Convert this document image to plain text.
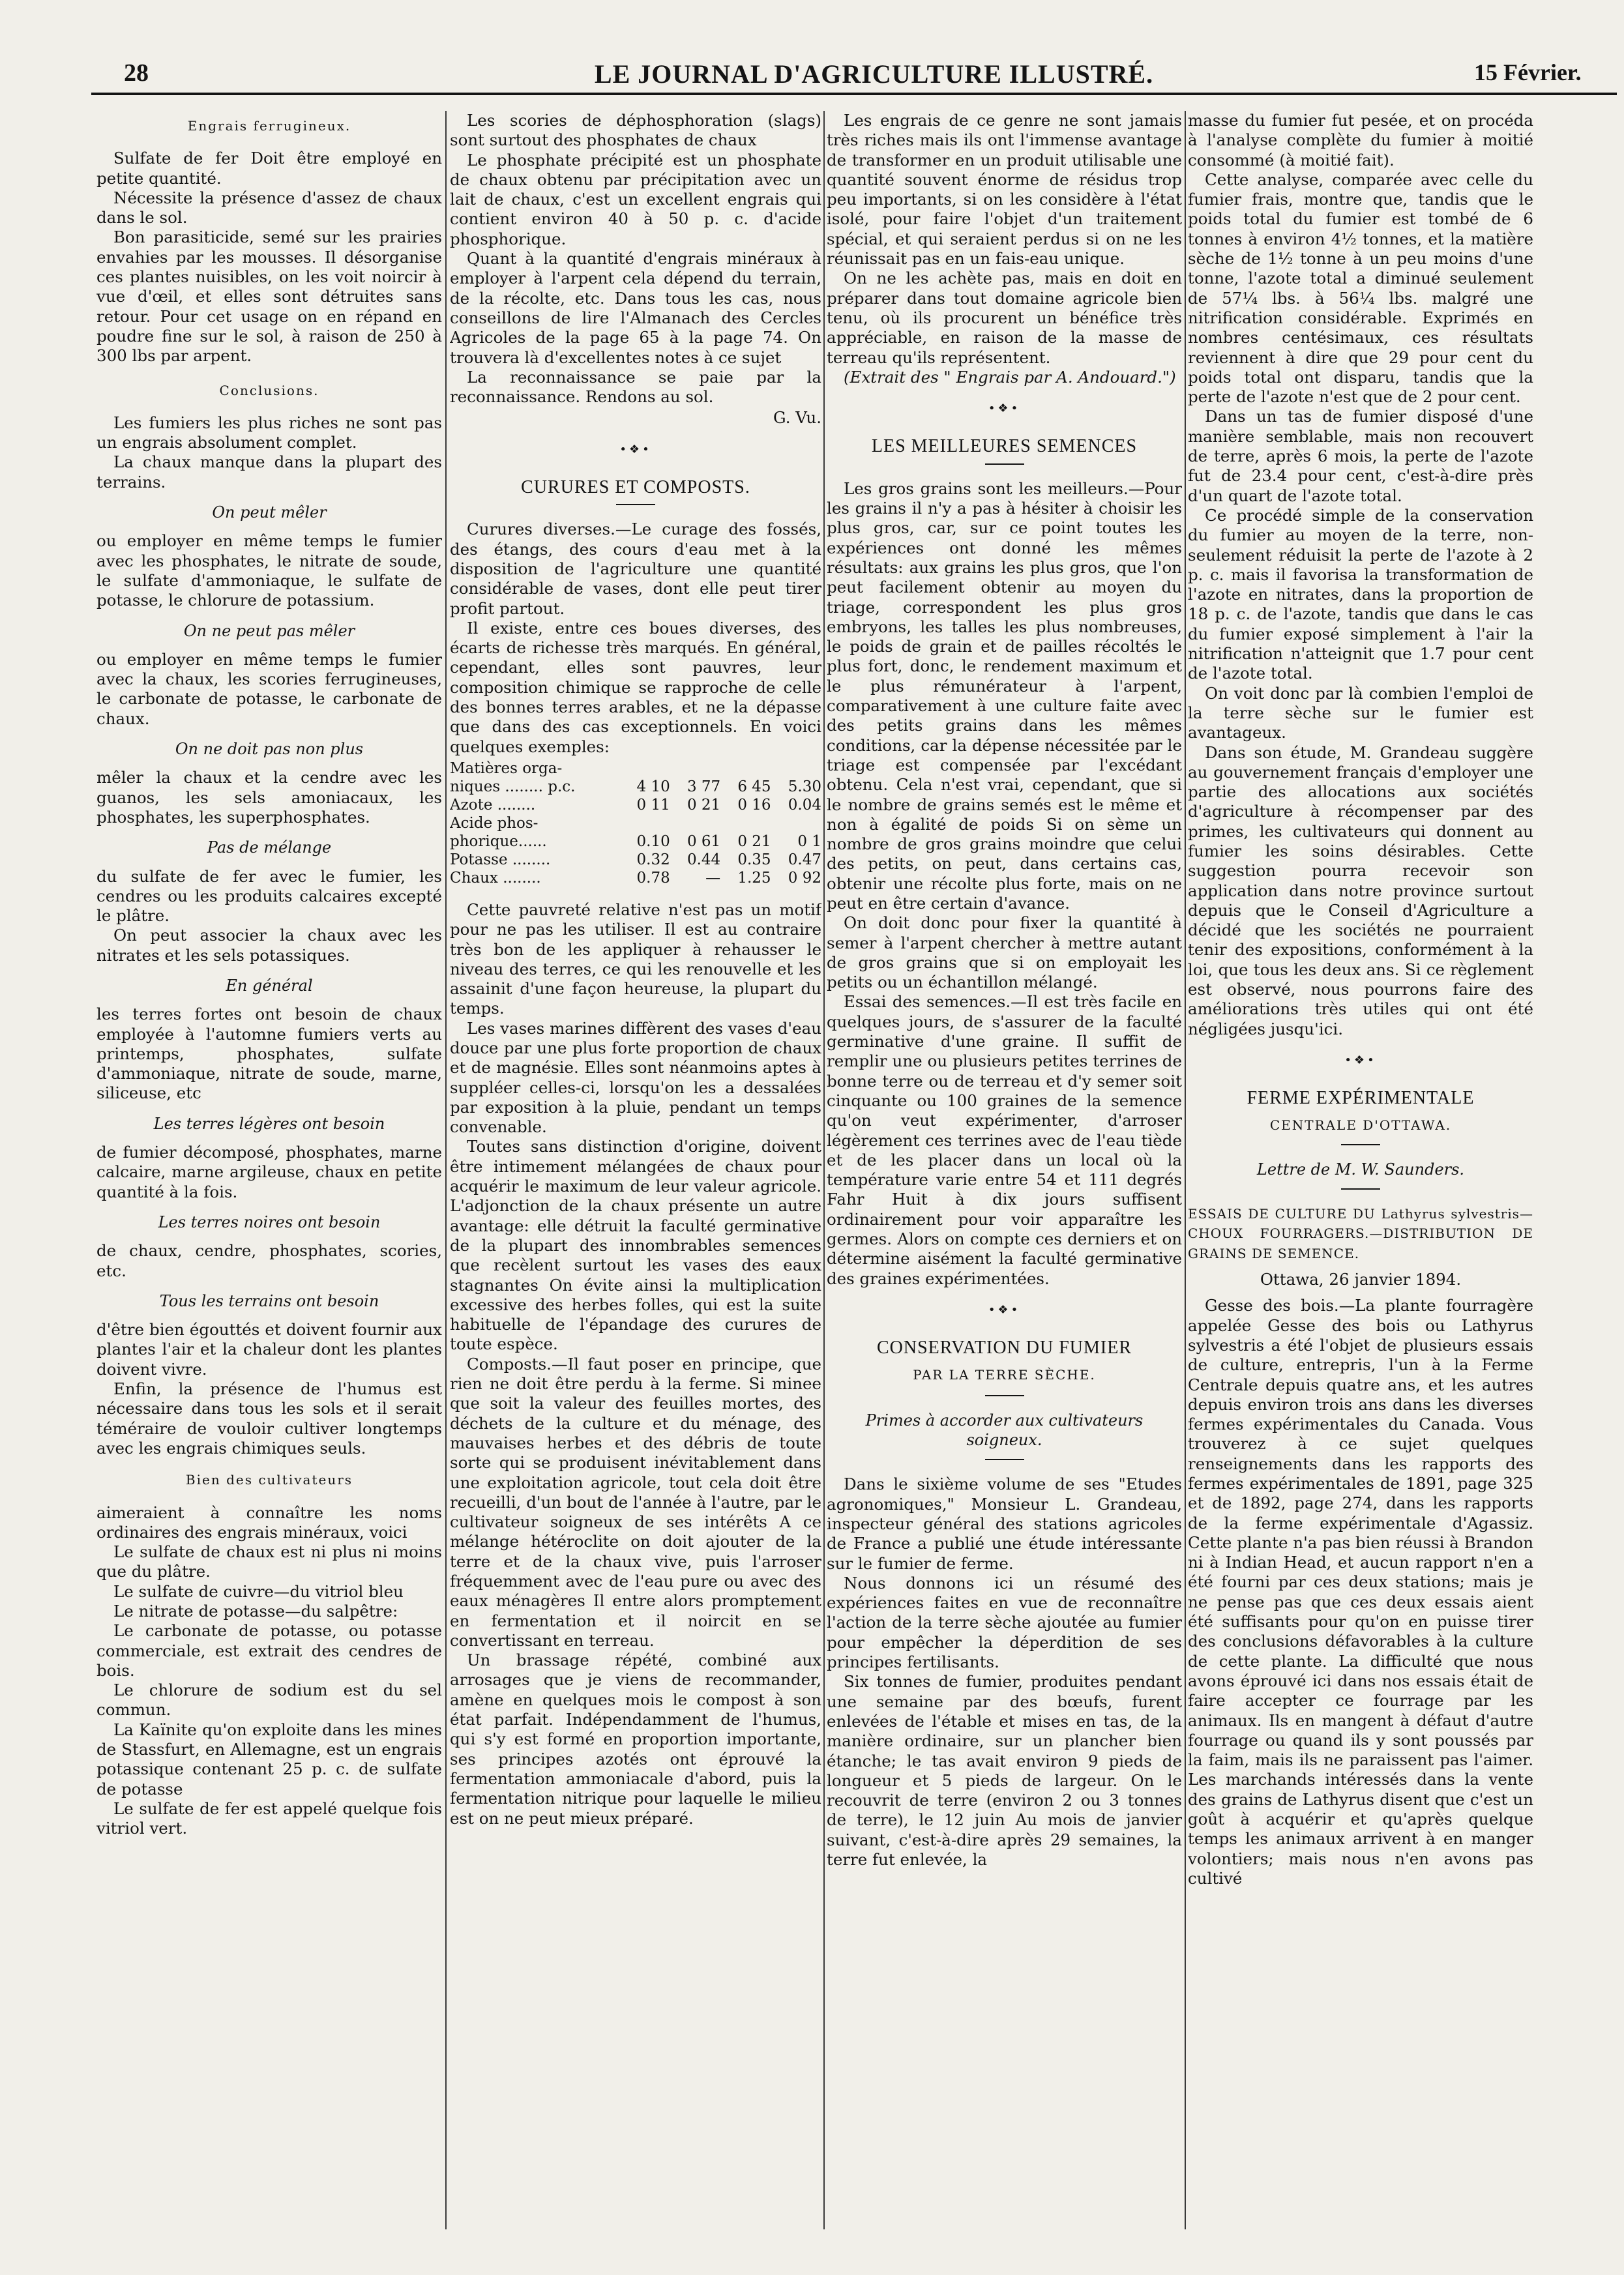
28	LE JOURNAL D'AGRICULTURE ILLUSTRÉ.	15 Février.
Engrais ferrugineux.

Sulfate de fer Doit être employé en petite quantité.

Nécessite la présence d'assez de chaux dans le sol.

Bon parasiticide, semé sur les prairies envahies par les mousses. Il désorganise ces plantes nuisibles, on les voit noircir à vue d'œil, et elles sont détruites sans retour. Pour cet usage on en répand en poudre fine sur le sol, à raison de 250 à 300 lbs par arpent.

Conclusions.

Les fumiers les plus riches ne sont pas un engrais absolument complet.

La chaux manque dans la plupart des terrains.

On peut mêler

ou employer en même temps le fumier avec les phosphates, le nitrate de soude, le sulfate d'ammoniaque, le sulfate de potasse, le chlorure de potassium.

On ne peut pas mêler

ou employer en même temps le fumier avec la chaux, les scories ferrugineuses, le carbonate de potasse, le carbonate de chaux.

On ne doit pas non plus

mêler la chaux et la cendre avec les guanos, les sels amoniacaux, les phosphates, les superphosphates.

Pas de mélange

du sulfate de fer avec le fumier, les cendres ou les produits calcaires excepté le plâtre.

On peut associer la chaux avec les nitrates et les sels potassiques.

En général

les terres fortes ont besoin de chaux employée à l'automne fumiers verts au printemps, phosphates, sulfate d'ammoniaque, nitrate de soude, marne, siliceuse, etc

Les terres légères ont besoin

de fumier décomposé, phosphates, marne calcaire, marne argileuse, chaux en petite quantité à la fois.

Les terres noires ont besoin

de chaux, cendre, phosphates, scories, etc.

Tous les terrains ont besoin

d'être bien égouttés et doivent fournir aux plantes l'air et la chaleur dont les plantes doivent vivre.

Enfin, la présence de l'humus est nécessaire dans tous les sols et il serait téméraire de vouloir cultiver longtemps avec les engrais chimiques seuls.

Bien des cultivateurs

aimeraient à connaître les noms ordinaires des engrais minéraux, voici

Le sulfate de chaux est ni plus ni moins que du plâtre.

Le sulfate de cuivre—du vitriol bleu

Le nitrate de potasse—du salpêtre:

Le carbonate de potasse, ou potasse commerciale, est extrait des cendres de bois.

Le chlorure de sodium est du sel commun.

La Kaïnite qu'on exploite dans les mines de Stassfurt, en Allemagne, est un engrais potassique contenant 25 p. c. de sulfate de potasse

Le sulfate de fer est appelé quelque fois vitriol vert.

Les scories de déphosphoration (slags) sont surtout des phosphates de chaux

Le phosphate précipité est un phosphate de chaux obtenu par précipitation avec un lait de chaux, c'est un excellent engrais qui contient environ 40 à 50 p. c. d'acide phosphorique.

Quant à la quantité d'engrais minéraux à employer à l'arpent cela dépend du terrain, de la récolte, etc. Dans tous les cas, nous conseillons de lire l'Almanach des Cercles Agricoles de la page 65 à la page 74. On trouvera là d'excellentes notes à ce sujet

La reconnaissance se paie par la reconnaissance. Rendons au sol.

G. Vu.
•❖•
CURURES ET COMPOSTS.

Curures diverses.—Le curage des fossés, des étangs, des cours d'eau met à la disposition de l'agriculture une quantité considérable de vases, dont elle peut tirer profit partout.

Il existe, entre ces boues diverses, des écarts de richesse très marqués. En général, cependant, elles sont pauvres, leur composition chimique se rapproche de celle des bonnes terres arables, et ne la dépasse que dans des cas exceptionnels. En voici quelques exemples:

Matières orga-				
niques ........ p.c.	4 10	3 77	6 45	5.30
Azote ........	0 11	0 21	0 16	0.04
Acide phos-				
phorique......	0.10	0 61	0 21	0 1
Potasse ........	0.32	0.44	0.35	0.47
Chaux ........	0.78	—	1.25	0 92

Cette pauvreté relative n'est pas un motif pour ne pas les utiliser. Il est au contraire très bon de les appliquer à rehausser le niveau des terres, ce qui les renouvelle et les assainit d'une façon heureuse, la plupart du temps.

Les vases marines diffèrent des vases d'eau douce par une plus forte proportion de chaux et de magnésie. Elles sont néanmoins aptes à suppléer celles-ci, lorsqu'on les a dessalées par exposition à la pluie, pendant un temps convenable.

Toutes sans distinction d'origine, doivent être intimement mélangées de chaux pour acquérir le maximum de leur valeur agricole. L'adjonction de la chaux présente un autre avantage: elle détruit la faculté germinative de la plupart des innombrables semences que recèlent surtout les vases des eaux stagnantes On évite ainsi la multiplication excessive des herbes folles, qui est la suite habituelle de l'épandage des curures de toute espèce.

Composts.—Il faut poser en principe, que rien ne doit être perdu à la ferme. Si minee que soit la valeur des feuilles mortes, des déchets de la culture et du ménage, des mauvaises herbes et des débris de toute sorte qui se produisent inévitablement dans une exploitation agricole, tout cela doit être recueilli, d'un bout de l'année à l'autre, par le cultivateur soigneux de ses intérêts A ce mélange hétéroclite on doit ajouter de la terre et de la chaux vive, puis l'arroser fréquemment avec de l'eau pure ou avec des eaux ménagères Il entre alors promptement en fermentation et il noircit en se convertissant en terreau.

Un brassage répété, combiné aux arrosages que je viens de recommander, amène en quelques mois le compost à son état parfait. Indépendamment de l'humus, qui s'y est formé en proportion importante, ses principes azotés ont éprouvé la fermentation ammoniacale d'abord, puis la fermentation nitrique pour laquelle le milieu est on ne peut mieux préparé.

Les engrais de ce genre ne sont jamais très riches mais ils ont l'immense avantage de transformer en un produit utilisable une quantité souvent énorme de résidus trop peu importants, si on les considère à l'état isolé, pour faire l'objet d'un traitement spécial, et qui seraient perdus si on ne les réunissait pas en un fais-eau unique.

On ne les achète pas, mais en doit en préparer dans tout domaine agricole bien tenu, où ils procurent un bénéfice très appréciable, en raison de la masse de terreau qu'ils représentent.

(Extrait des " Engrais par A. Andouard.")

•❖•
LES MEILLEURES SEMENCES

Les gros grains sont les meilleurs.—Pour les grains il n'y a pas à hésiter à choisir les plus gros, car, sur ce point toutes les expériences ont donné les mêmes résultats: aux grains les plus gros, que l'on peut facilement obtenir au moyen du triage, correspondent les plus gros embryons, les talles les plus nombreuses, le poids de grain et de pailles récoltés le plus fort, donc, le rendement maximum et le plus rémunérateur à l'arpent, comparativement à une culture faite avec des petits grains dans les mêmes conditions, car la dépense nécessitée par le triage est compensée par l'excédant obtenu. Cela n'est vrai, cependant, que si le nombre de grains semés est le même et non à égalité de poids Si on sème un nombre de gros grains moindre que celui des petits, on peut, dans certains cas, obtenir une récolte plus forte, mais on ne peut en être certain d'avance.

On doit donc pour fixer la quantité à semer à l'arpent chercher à mettre autant de gros grains que si on employait les petits ou un échantillon mélangé.

Essai des semences.—Il est très facile en quelques jours, de s'assurer de la faculté germinative d'une graine. Il suffit de remplir une ou plusieurs petites terrines de bonne terre ou de terreau et d'y semer soit cinquante ou 100 graines de la semence qu'on veut expérimenter, d'arroser légèrement ces terrines avec de l'eau tiède et de les placer dans un local où la température varie entre 54 et 111 degrés Fahr Huit à dix jours suffisent ordinairement pour voir apparaître les germes. Alors on compte ces derniers et on détermine aisément la faculté germinative des graines expérimentées.

•❖•
CONSERVATION DU FUMIER
PAR LA TERRE SÈCHE.
Primes à accorder aux cultivateurs soigneux.

Dans le sixième volume de ses "Etudes agronomiques," Monsieur L. Grandeau, inspecteur général des stations agricoles de France a publié une étude intéressante sur le fumier de ferme.

Nous donnons ici un résumé des expériences faites en vue de reconnaître l'action de la terre sèche ajoutée au fumier pour empêcher la déperdition de ses principes fertilisants.

Six tonnes de fumier, produites pendant une semaine par des bœufs, furent enlevées de l'étable et mises en tas, de la manière ordinaire, sur un plancher bien étanche; le tas avait environ 9 pieds de longueur et 5 pieds de largeur. On le recouvrit de terre (environ 2 ou 3 tonnes de terre), le 12 juin Au mois de janvier suivant, c'est-à-dire après 29 semaines, la terre fut enlevée, la

masse du fumier fut pesée, et on procéda à l'analyse complète du fumier à moitié consommé (à moitié fait).

Cette analyse, comparée avec celle du fumier frais, montre que, tandis que le poids total du fumier est tombé de 6 tonnes à environ 4½ tonnes, et la matière sèche de 1½ tonne à un peu moins d'une tonne, l'azote total a diminué seulement de 57¼ lbs. à 56¼ lbs. malgré une nitrification considérable. Exprimés en nombres centésimaux, ces résultats reviennent à dire que 29 pour cent du poids total ont disparu, tandis que la perte de l'azote n'est que de 2 pour cent.

Dans un tas de fumier disposé d'une manière semblable, mais non recouvert de terre, après 6 mois, la perte de l'azote fut de 23.4 pour cent, c'est-à-dire près d'un quart de l'azote total.

Ce procédé simple de la conservation du fumier au moyen de la terre, non-seulement réduisit la perte de l'azote à 2 p. c. mais il favorisa la transformation de l'azote en nitrates, dans la proportion de 18 p. c. de l'azote, tandis que dans le cas du fumier exposé simplement à l'air la nitrification n'atteignit que 1.7 pour cent de l'azote total.

On voit donc par là combien l'emploi de la terre sèche sur le fumier est avantageux.

Dans son étude, M. Grandeau suggère au gouvernement français d'employer une partie des allocations aux sociétés d'agriculture à récompenser par des primes, les cultivateurs qui donnent au fumier les soins désirables. Cette suggestion pourra recevoir son application dans notre province surtout depuis que le Conseil d'Agriculture a décidé que les sociétés ne pourraient tenir des expositions, conformément à la loi, que tous les deux ans. Si ce règlement est observé, nous pourrons faire des améliorations très utiles qui ont été négligées jusqu'ici.

•❖•
FERME EXPÉRIMENTALE
CENTRALE D'OTTAWA.
Lettre de M. W. Saunders.

ESSAIS DE CULTURE DU Lathyrus sylvestris—CHOUX FOURRAGERS.—DISTRIBUTION DE GRAINS DE SEMENCE.

Ottawa, 26 janvier 1894.

Gesse des bois.—La plante fourragère appelée Gesse des bois ou Lathyrus sylvestris a été l'objet de plusieurs essais de culture, entrepris, l'un à la Ferme Centrale depuis quatre ans, et les autres depuis environ trois ans dans les diverses fermes expérimentales du Canada. Vous trouverez à ce sujet quelques renseignements dans les rapports des fermes expérimentales de 1891, page 325 et de 1892, page 274, dans les rapports de la ferme expérimentale d'Agassiz. Cette plante n'a pas bien réussi à Brandon ni à Indian Head, et aucun rapport n'en a été fourni par ces deux stations; mais je ne pense pas que ces deux essais aient été suffisants pour qu'on en puisse tirer des conclusions défavorables à la culture de cette plante. La difficulté que nous avons éprouvé ici dans nos essais était de faire accepter ce fourrage par les animaux. Ils en mangent à défaut d'autre fourrage ou quand ils y sont poussés par la faim, mais ils ne paraissent pas l'aimer. Les marchands intéressés dans la vente des grains de Lathyrus disent que c'est un goût à acquérir et qu'après quelque temps les animaux arrivent à en manger volontiers; mais nous n'en avons pas cultivé
